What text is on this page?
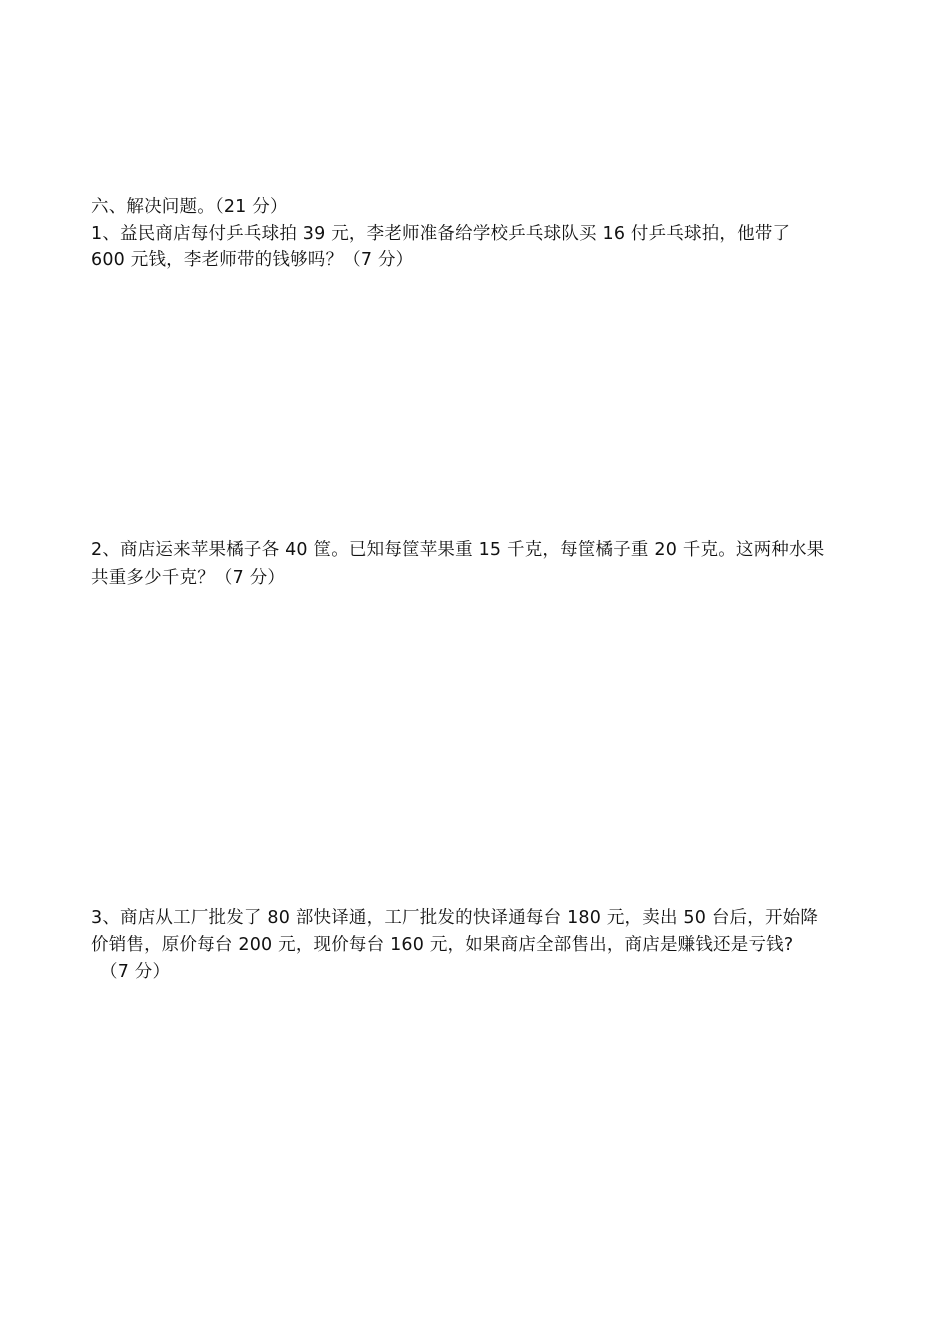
六、解决问题。（21 分）
1、益民商店每付乒乓球拍 39 元，李老师准备给学校乒乓球队买 16 付乒乓球拍，他带了
600 元钱，李老师带的钱够吗？（7 分）
2、商店运来苹果橘子各 40 筐。已知每筐苹果重 15 千克，每筐橘子重 20 千克。这两种水果
共重多少千克？（7 分）
3、商店从工厂批发了 80 部快译通，工厂批发的快译通每台 180 元，卖出 50 台后，开始降
价销售，原价每台 200 元，现价每台 160 元，如果商店全部售出，商店是赚钱还是亏钱?
（7 分）
